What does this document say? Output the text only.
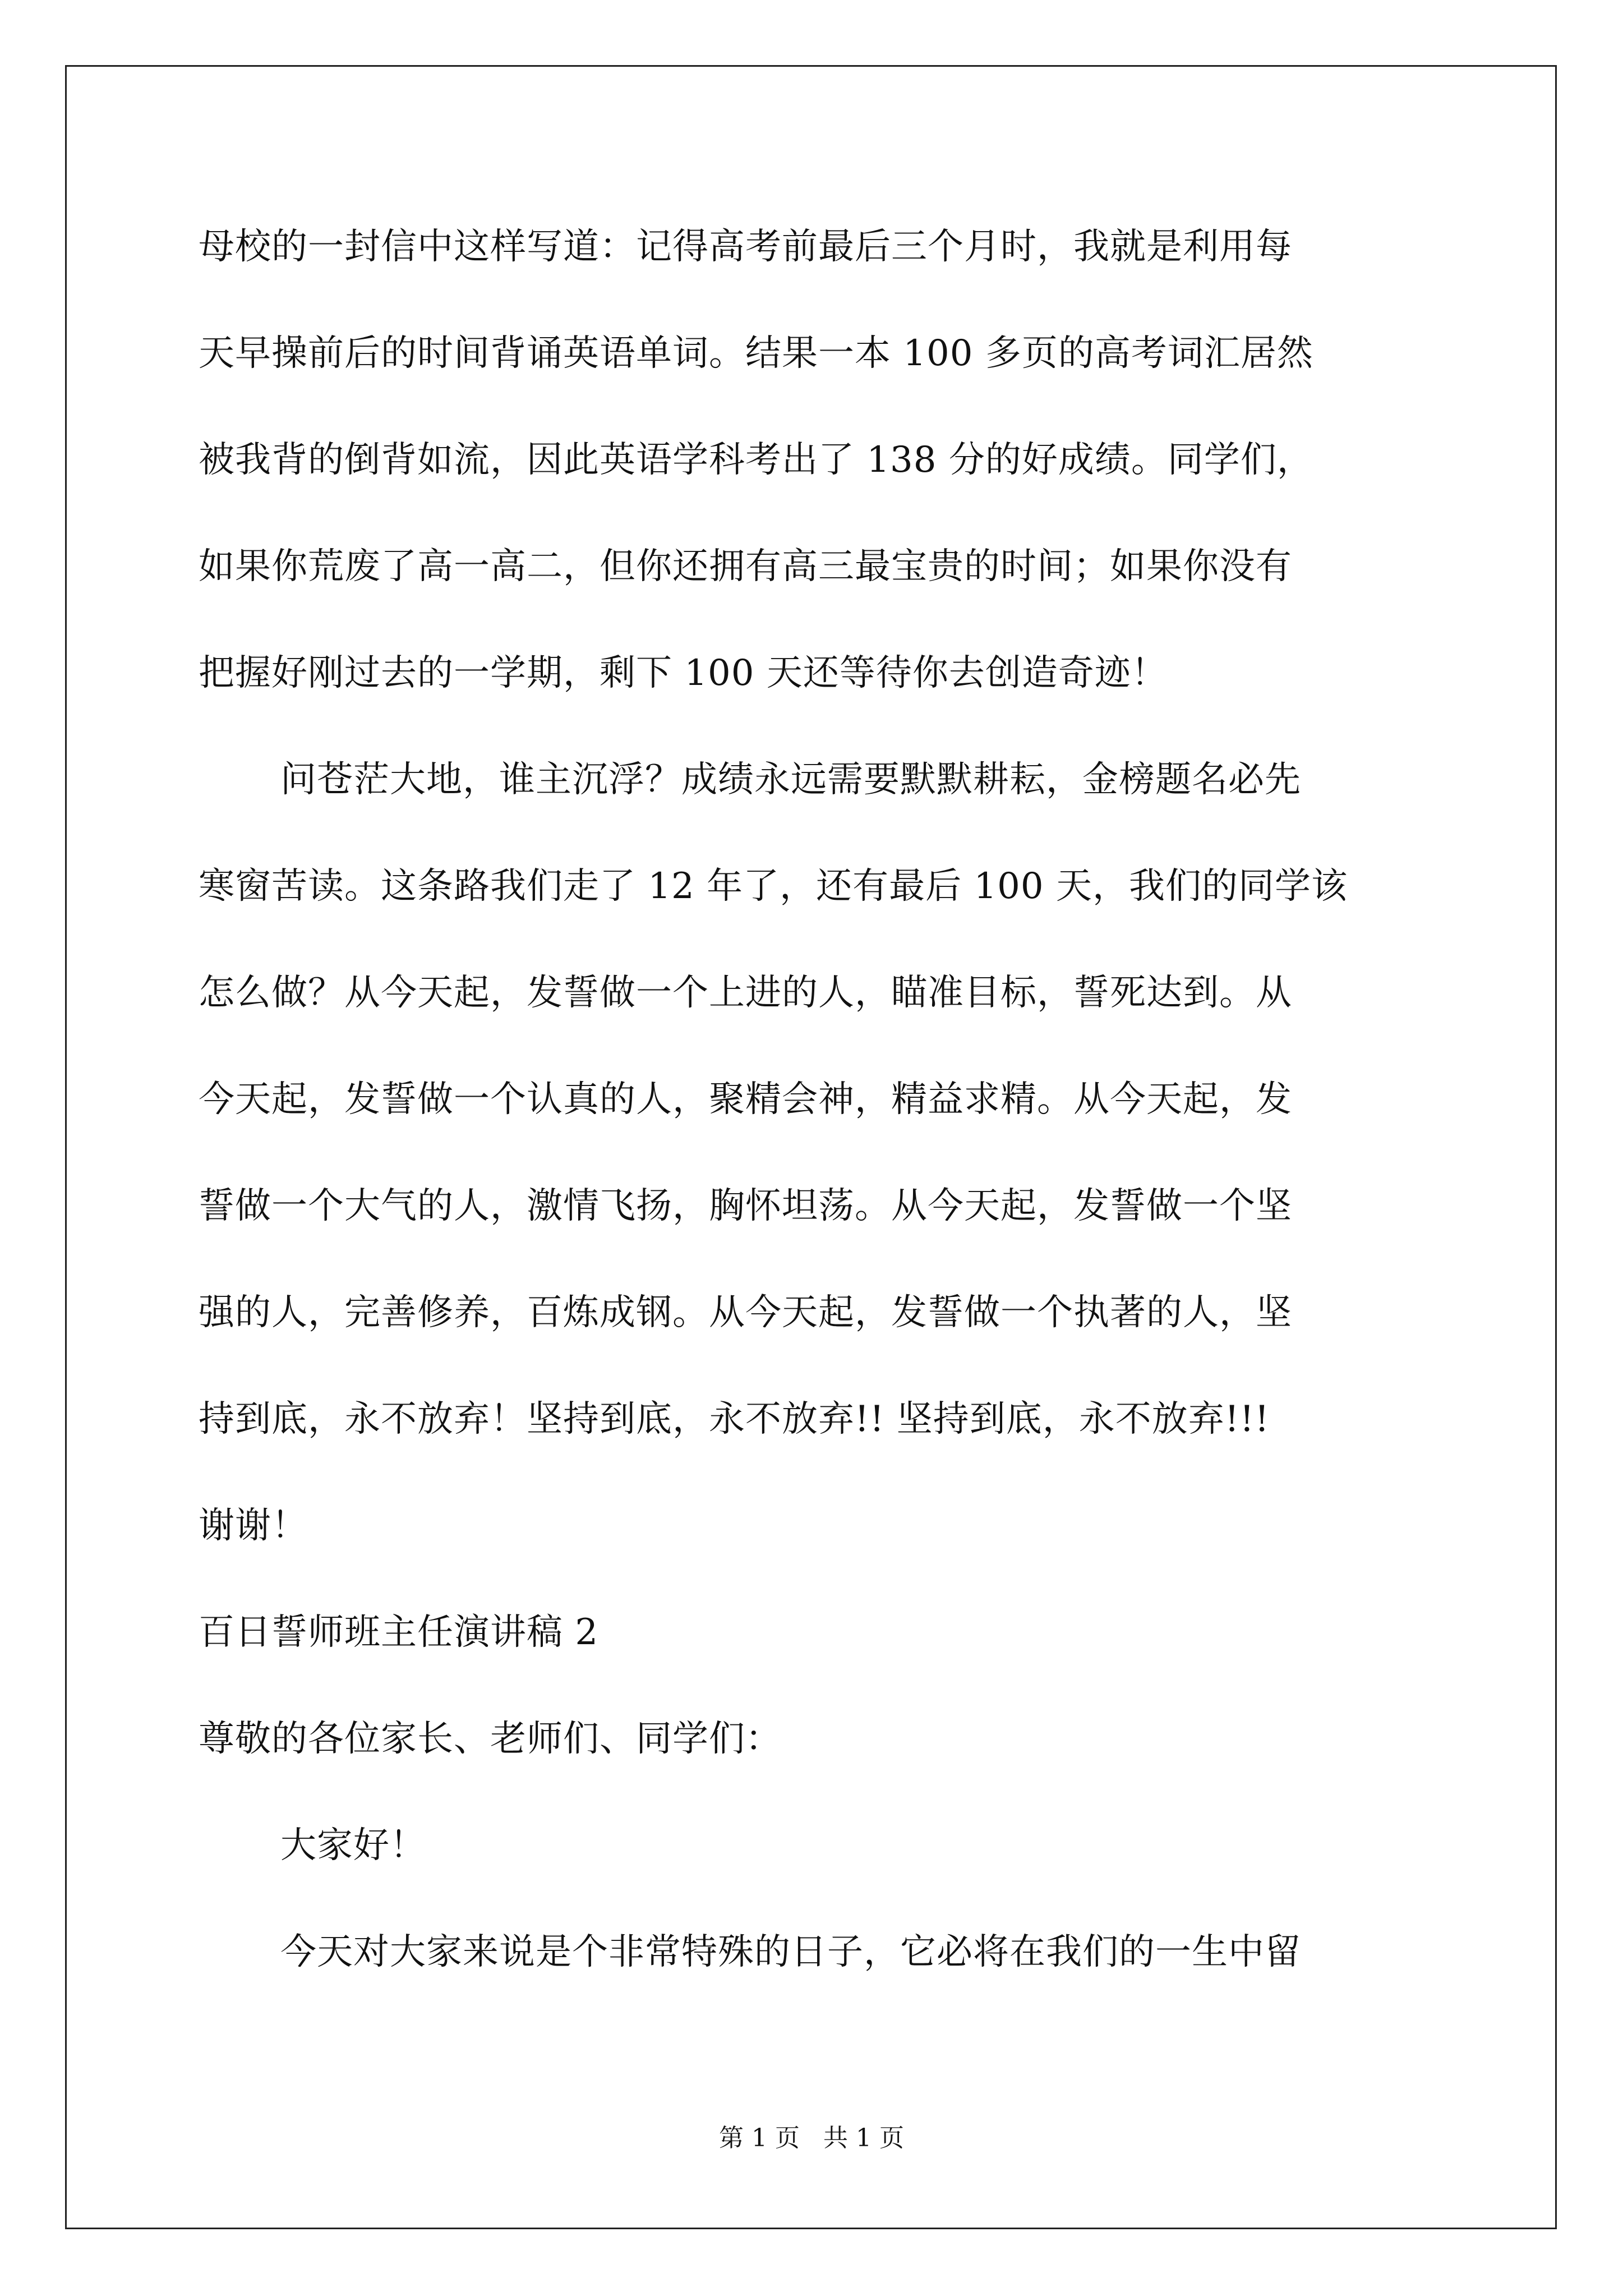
母校的一封信中这样写道：记得高考前最后三个月时，我就是利用每
天早操前后的时间背诵英语单词。结果一本 100 多页的高考词汇居然
被我背的倒背如流，因此英语学科考出了 138 分的好成绩。同学们，
如果你荒废了高一高二，但你还拥有高三最宝贵的时间；如果你没有
把握好刚过去的一学期，剩下 100 天还等待你去创造奇迹！
问苍茫大地，谁主沉浮？成绩永远需要默默耕耘，金榜题名必先
寒窗苦读。这条路我们走了 12 年了，还有最后 100 天，我们的同学该
怎么做？从今天起，发誓做一个上进的人，瞄准目标，誓死达到。从
今天起，发誓做一个认真的人，聚精会神，精益求精。从今天起，发
誓做一个大气的人，激情飞扬，胸怀坦荡。从今天起，发誓做一个坚
强的人，完善修养，百炼成钢。从今天起，发誓做一个执著的人，坚
持到底，永不放弃！坚持到底，永不放弃!! 坚持到底，永不放弃!!!
谢谢！
百日誓师班主任演讲稿 2
尊敬的各位家长、老师们、同学们：
大家好！
今天对大家来说是个非常特殊的日子，它必将在我们的一生中留
第 1 页   共 1 页
